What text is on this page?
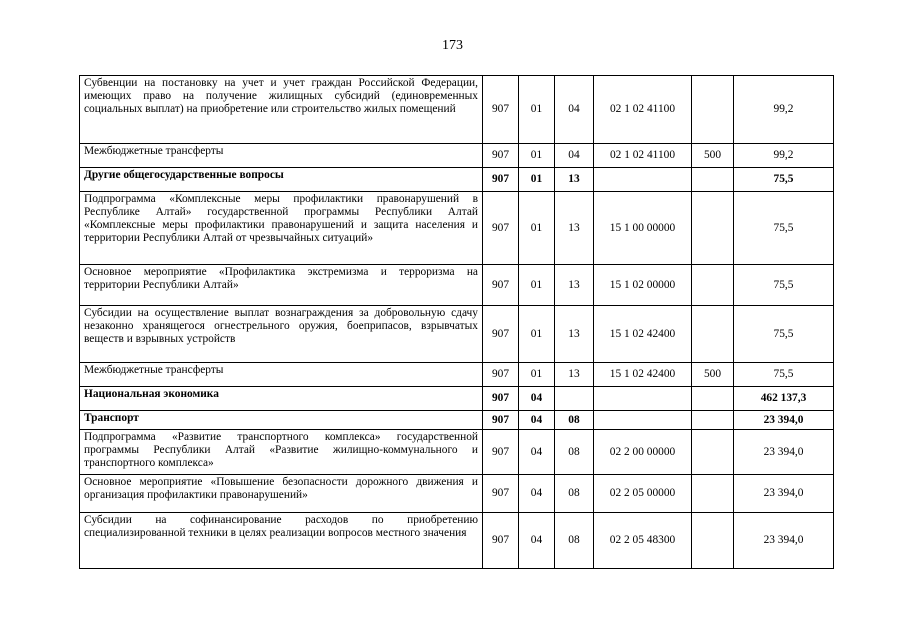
173
Субвенции на постановку на учет и учет граждан Российской Федерации, имеющих право на получение жилищных субсидий (единовременных социальных выплат) на приобретение или строительство жилых помещений	907	01	04	02 1 02 41100		99,2
Межбюджетные трансферты	907	01	04	02 1 02 41100	500	99,2
Другие общегосударственные вопросы	907	01	13			75,5
Подпрограмма «Комплексные меры профилактики правонарушений в Республике Алтай» государственной программы Республики Алтай «Комплексные меры профилактики правонарушений и защита населения и территории Республики Алтай от чрезвычайных ситуаций»	907	01	13	15 1 00 00000		75,5
Основное мероприятие «Профилактика экстремизма и терроризма на территории Республики Алтай»	907	01	13	15 1 02 00000		75,5
Субсидии на осуществление выплат вознаграждения за добровольную сдачу незаконно хранящегося огнестрельного оружия, боеприпасов, взрывчатых веществ и взрывных устройств	907	01	13	15 1 02 42400		75,5
Межбюджетные трансферты	907	01	13	15 1 02 42400	500	75,5
Национальная экономика	907	04				462 137,3
Транспорт	907	04	08			23 394,0
Подпрограмма «Развитие транспортного комплекса» государственной программы Республики Алтай «Развитие жилищно-коммунального и транспортного комплекса»	907	04	08	02 2 00 00000		23 394,0
Основное мероприятие «Повышение безопасности дорожного движения и организация профилактики правонарушений»	907	04	08	02 2 05 00000		23 394,0
Субсидии на софинансирование расходов по приобретению специализированной техники в целях реализации вопросов местного значения	907	04	08	02 2 05 48300		23 394,0
